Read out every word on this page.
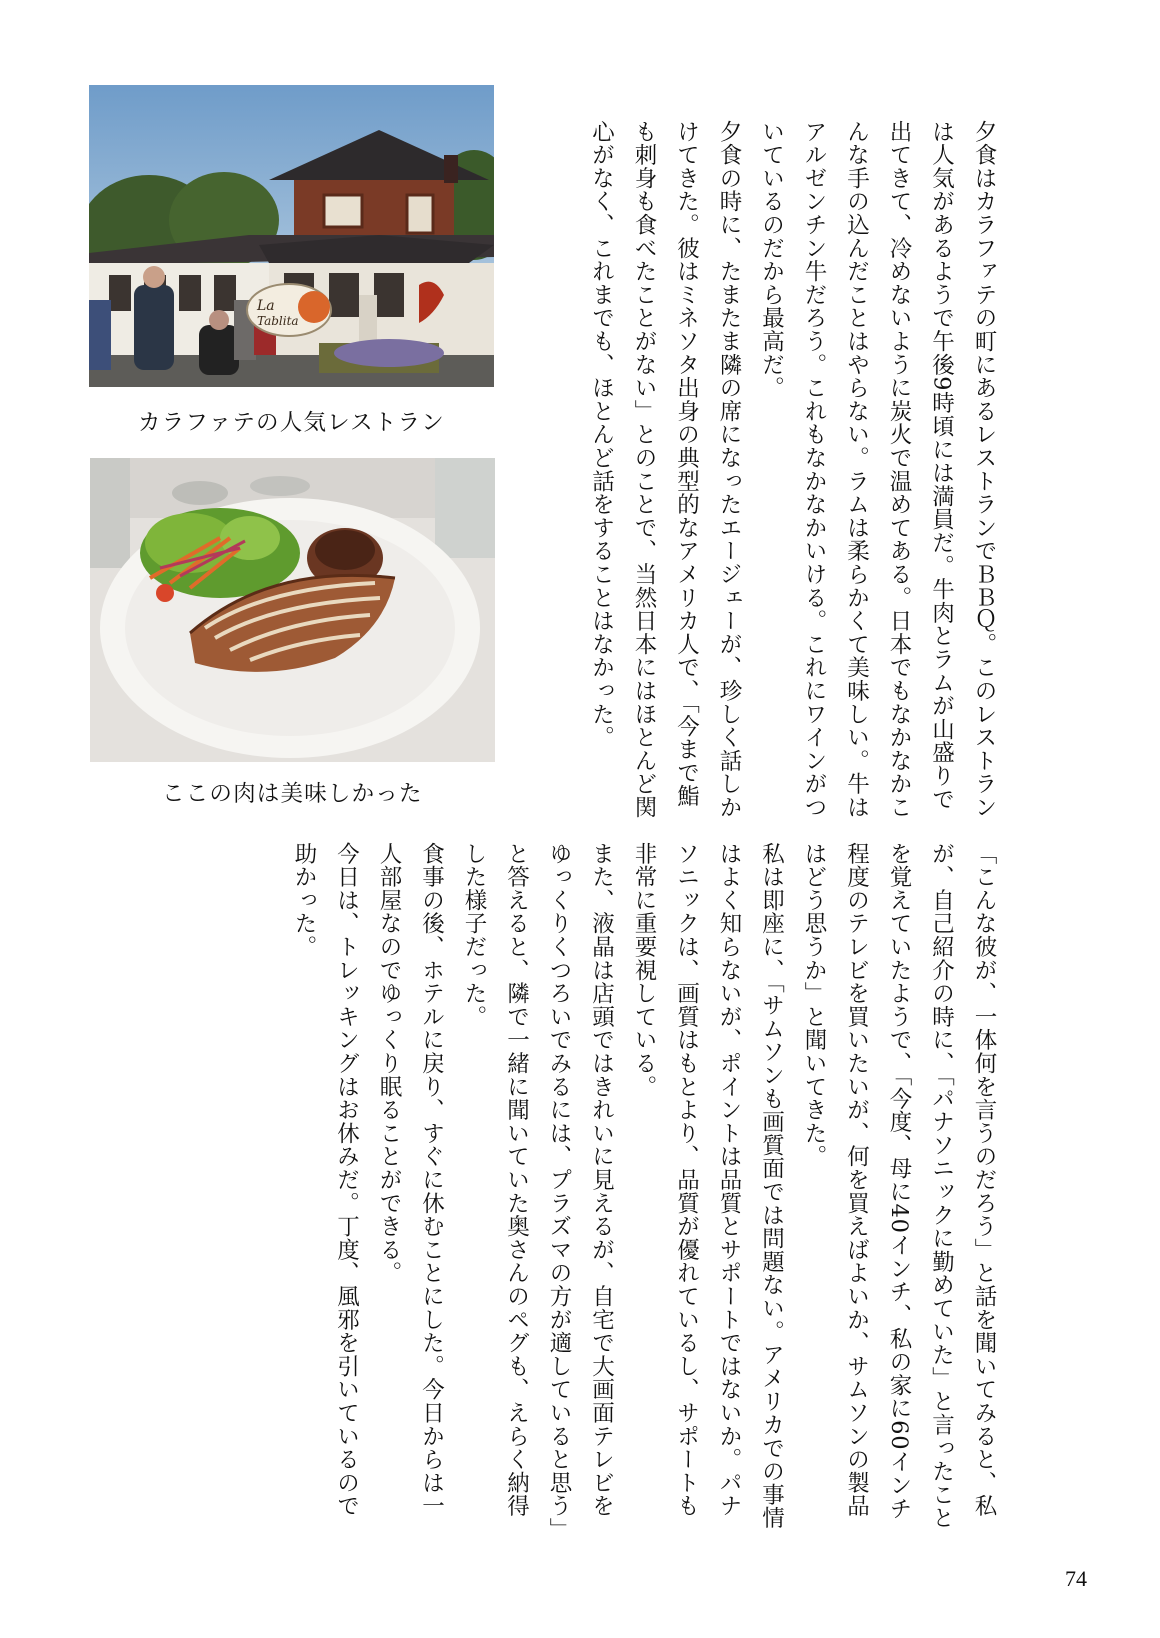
La
Tablita
カラファテの人気レストラン
ここの肉は美味しかった	夕食はカラファテの町にあるレストランでＢＢＱ。このレストランは人気があるようで午後9時頃には満員だ。牛肉とラムが山盛りで出てきて、冷めないように炭火で温めてある。日本でもなかなかこんな手の込んだことはやらない。ラムは柔らかくて美味しい。牛はアルゼンチン牛だろう。これもなかなかいける。これにワインがついているのだから最高だ。

夕食の時に、たまたま隣の席になったエージェーが、珍しく話しかけてきた。彼はミネソタ出身の典型的なアメリカ人で、「今まで鮨も刺身も食べたことがない」とのことで、当然日本にはほとんど関心がなく、これまでも、ほとんど話をすることはなかった。

「こんな彼が、一体何を言うのだろう」と話を聞いてみると、私が、自己紹介の時に、「パナソニックに勤めていた」と言ったことを覚えていたようで、「今度、母に40インチ、私の家に60インチ程度のテレビを買いたいが、何を買えばよいか、サムソンの製品はどう思うか」と聞いてきた。

私は即座に、「サムソンも画質面では問題ない。アメリカでの事情はよく知らないが、ポイントは品質とサポートではないか。パナソニックは、画質はもとより、品質が優れているし、サポートも非常に重要視している。

また、液晶は店頭ではきれいに見えるが、自宅で大画面テレビをゆっくりくつろいでみるには、プラズマの方が適していると思う」と答えると、隣で一緒に聞いていた奥さんのペグも、えらく納得した様子だった。

食事の後、ホテルに戻り、すぐに休むことにした。今日からは一人部屋なのでゆっくり眠ることができる。

今日は、トレッキングはお休みだ。丁度、風邪を引いているので助かった。

74
